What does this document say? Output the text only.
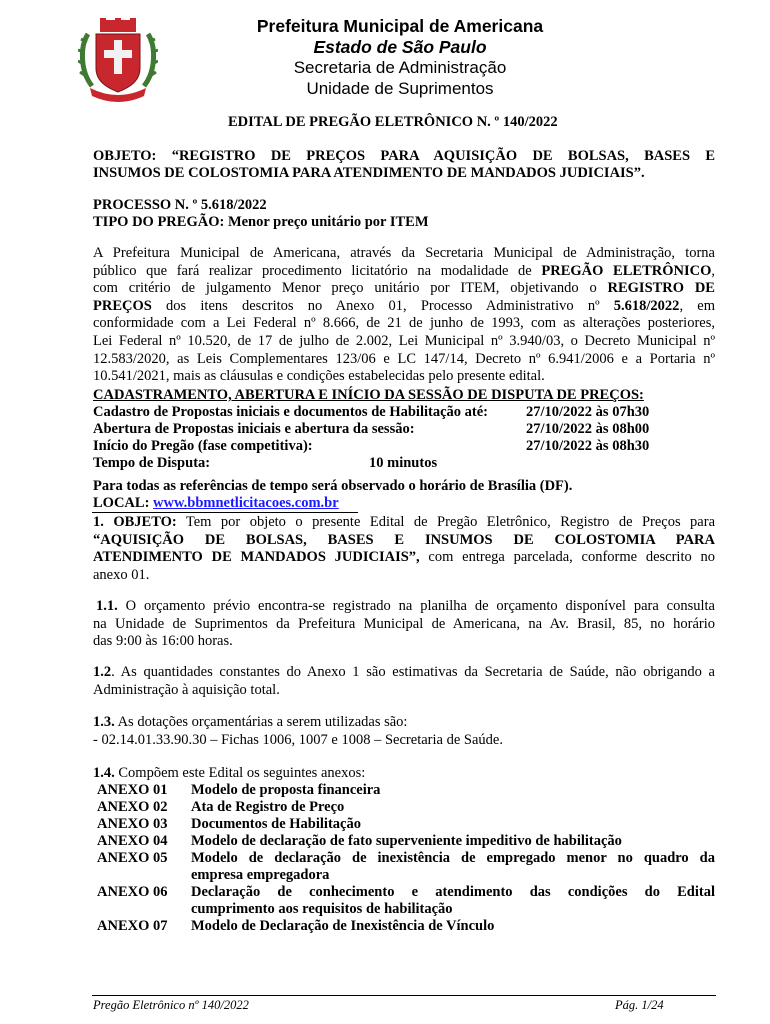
Prefeitura Municipal de Americana
Estado de São Paulo
Secretaria de Administração
Unidade de Suprimentos
EDITAL DE PREGÃO ELETRÔNICO N. º 140/2022
OBJETO: “REGISTRO DE PREÇOS PARA AQUISIÇÃO DE BOLSAS, BASES E
INSUMOS DE COLOSTOMIA PARA ATENDIMENTO DE MANDADOS JUDICIAIS”.
PROCESSO N. º 5.618/2022
TIPO DO PREGÃO: Menor preço unitário por ITEM
A Prefeitura Municipal de Americana, através da Secretaria Municipal de Administração, torna
público que fará realizar procedimento licitatório na modalidade de PREGÃO ELETRÔNICO,
com critério de julgamento Menor preço unitário por ITEM, objetivando o REGISTRO DE
PREÇOS dos itens descritos no Anexo 01, Processo Administrativo nº 5.618/2022, em
conformidade com a Lei Federal nº 8.666, de 21 de junho de 1993, com as alterações posteriores,
Lei Federal nº 10.520, de 17 de julho de 2.002, Lei Municipal nº 3.940/03, o Decreto Municipal nº
12.583/2020, as Leis Complementares 123/06 e LC 147/14, Decreto nº 6.941/2006 e a Portaria nº
10.541/2021, mais as cláusulas e condições estabelecidas pelo presente edital.
CADASTRAMENTO, ABERTURA E INÍCIO DA SESSÃO DE DISPUTA DE PREÇOS:
Cadastro de Propostas iniciais e documentos de Habilitação até:	27/10/2022 às 07h30
Abertura de Propostas iniciais e abertura da sessão:	27/10/2022 às 08h00
Início do Pregão (fase competitiva):	27/10/2022 às 08h30
Tempo de Disputa:	10 minutos
Para todas as referências de tempo será observado o horário de Brasília (DF).
LOCAL: www.bbmnetlicitacoes.com.br
1. OBJETO: Tem por objeto o presente Edital de Pregão Eletrônico, Registro de Preços para
“AQUISIÇÃO DE BOLSAS, BASES E INSUMOS DE COLOSTOMIA PARA
ATENDIMENTO DE MANDADOS JUDICIAIS”, com entrega parcelada, conforme descrito no
anexo 01.
1.1. O orçamento prévio encontra-se registrado na planilha de orçamento disponível para consulta
na Unidade de Suprimentos da Prefeitura Municipal de Americana, na Av. Brasil, 85, no horário
das 9:00 às 16:00 horas.
1.2. As quantidades constantes do Anexo 1 são estimativas da Secretaria de Saúde, não obrigando a
Administração à aquisição total.
1.3. As dotações orçamentárias a serem utilizadas são:
- 02.14.01.33.90.30 – Fichas 1006, 1007 e 1008 – Secretaria de Saúde.
1.4. Compõem este Edital os seguintes anexos:
ANEXO 01 Modelo de proposta financeira
ANEXO 02 Ata de Registro de Preço
ANEXO 03 Documentos de Habilitação
ANEXO 04 Modelo de declaração de fato superveniente impeditivo de habilitação
ANEXO 05 Modelo de declaração de inexistência de empregado menor no quadro da
empresa empregadora
ANEXO 06 Declaração de conhecimento e atendimento das condições do Edital
cumprimento aos requisitos de habilitação
ANEXO 07 Modelo de Declaração de Inexistência de Vínculo
Pregão Eletrônico nº 140/2022	Pág. 1/24
